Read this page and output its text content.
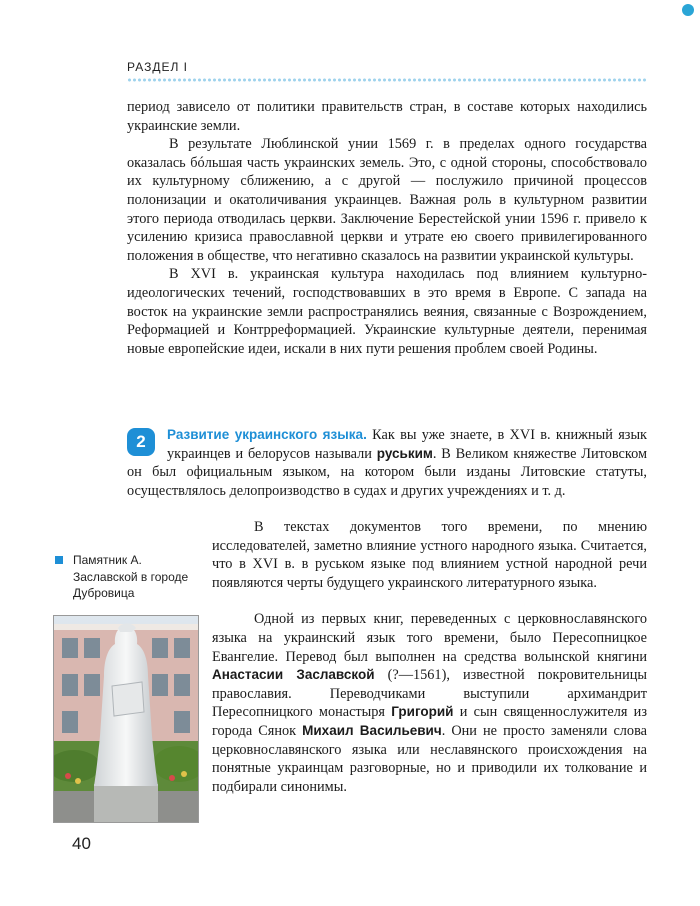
РАЗДЕЛ I

период зависело от политики правительств стран, в составе которых находились украинские земли.

В результате Люблинской унии 1569 г. в пределах одного государства оказалась бóльшая часть украинских земель. Это, с одной стороны, способствовало их культурному сближению, а с другой — послужило причиной процессов полонизации и окатоличивания украинцев. Важная роль в культурном развитии этого периода отводилась церкви. Заключение Берестейской унии 1596 г. привело к усилению кризиса православной церкви и утрате ею своего привилегированного положения в обществе, что негативно сказалось на развитии украинской культуры.

В XVI в. украинская культура находилась под влиянием культурно-идеологических течений, господствовавших в это время в Европе. С запада на восток на украинские земли распространялись веяния, связанные с Возрождением, Реформацией и Контрреформацией. Украинские культурные деятели, перенимая новые европейские идеи, искали в них пути решения проблем своей Родины.

2	Развитие украинского языка. Как вы уже знаете, в XVI в. книжный язык украинцев и белорусов называли руським. В Великом княжестве Литовском он был официальным языком, на котором были изданы Литовские статуты, осуществлялось делопроизводство в судах и других учреждениях и т. д.

В текстах документов того времени, по мнению исследователей, заметно влияние устного народного языка. Считается, что в XVI в. в руськом языке под влиянием устной народной речи появляются черты будущего украинского литературного языка.

Одной из первых книг, переведенных с церковнославянского языка на украинский язык того времени, было Пересопницкое Евангелие. Перевод был выполнен на средства волынской княгини Анастасии Заславской (?—1561), известной покровительницы православия. Переводчиками выступили архимандрит Пересопницкого монастыря Григорий и сын священнослужителя из города Сянок Михаил Васильевич. Они не просто заменяли слова церковнославянского языка или неславянского происхождения на понятные украинцам разговорные, но и приводили их толкование и подбирали синонимы.

Памятник А. Заславской в городе Дубровица
40
